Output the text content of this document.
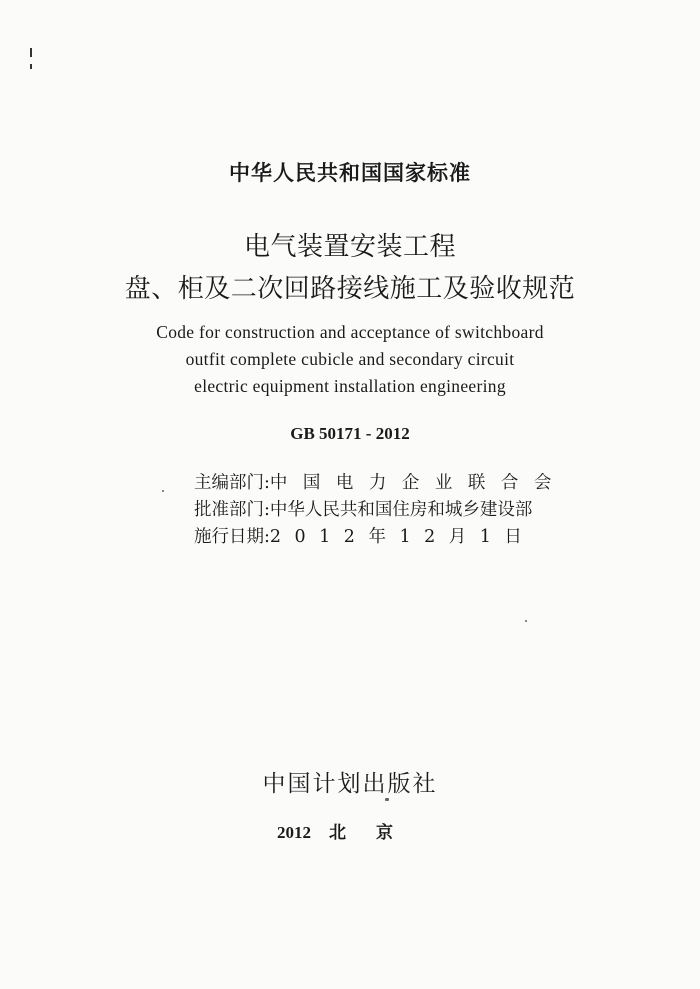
中华人民共和国国家标准
电气装置安装工程
盘、柜及二次回路接线施工及验收规范
Code for construction and acceptance of switchboard
outfit complete cubicle and secondary circuit
electric equipment installation engineering
GB 50171 - 2012
主编部门:中国电力企业联合会
批准部门:中华人民共和国住房和城乡建设部
施行日期:2012年12月1日
中国计划出版社
2012 北京
